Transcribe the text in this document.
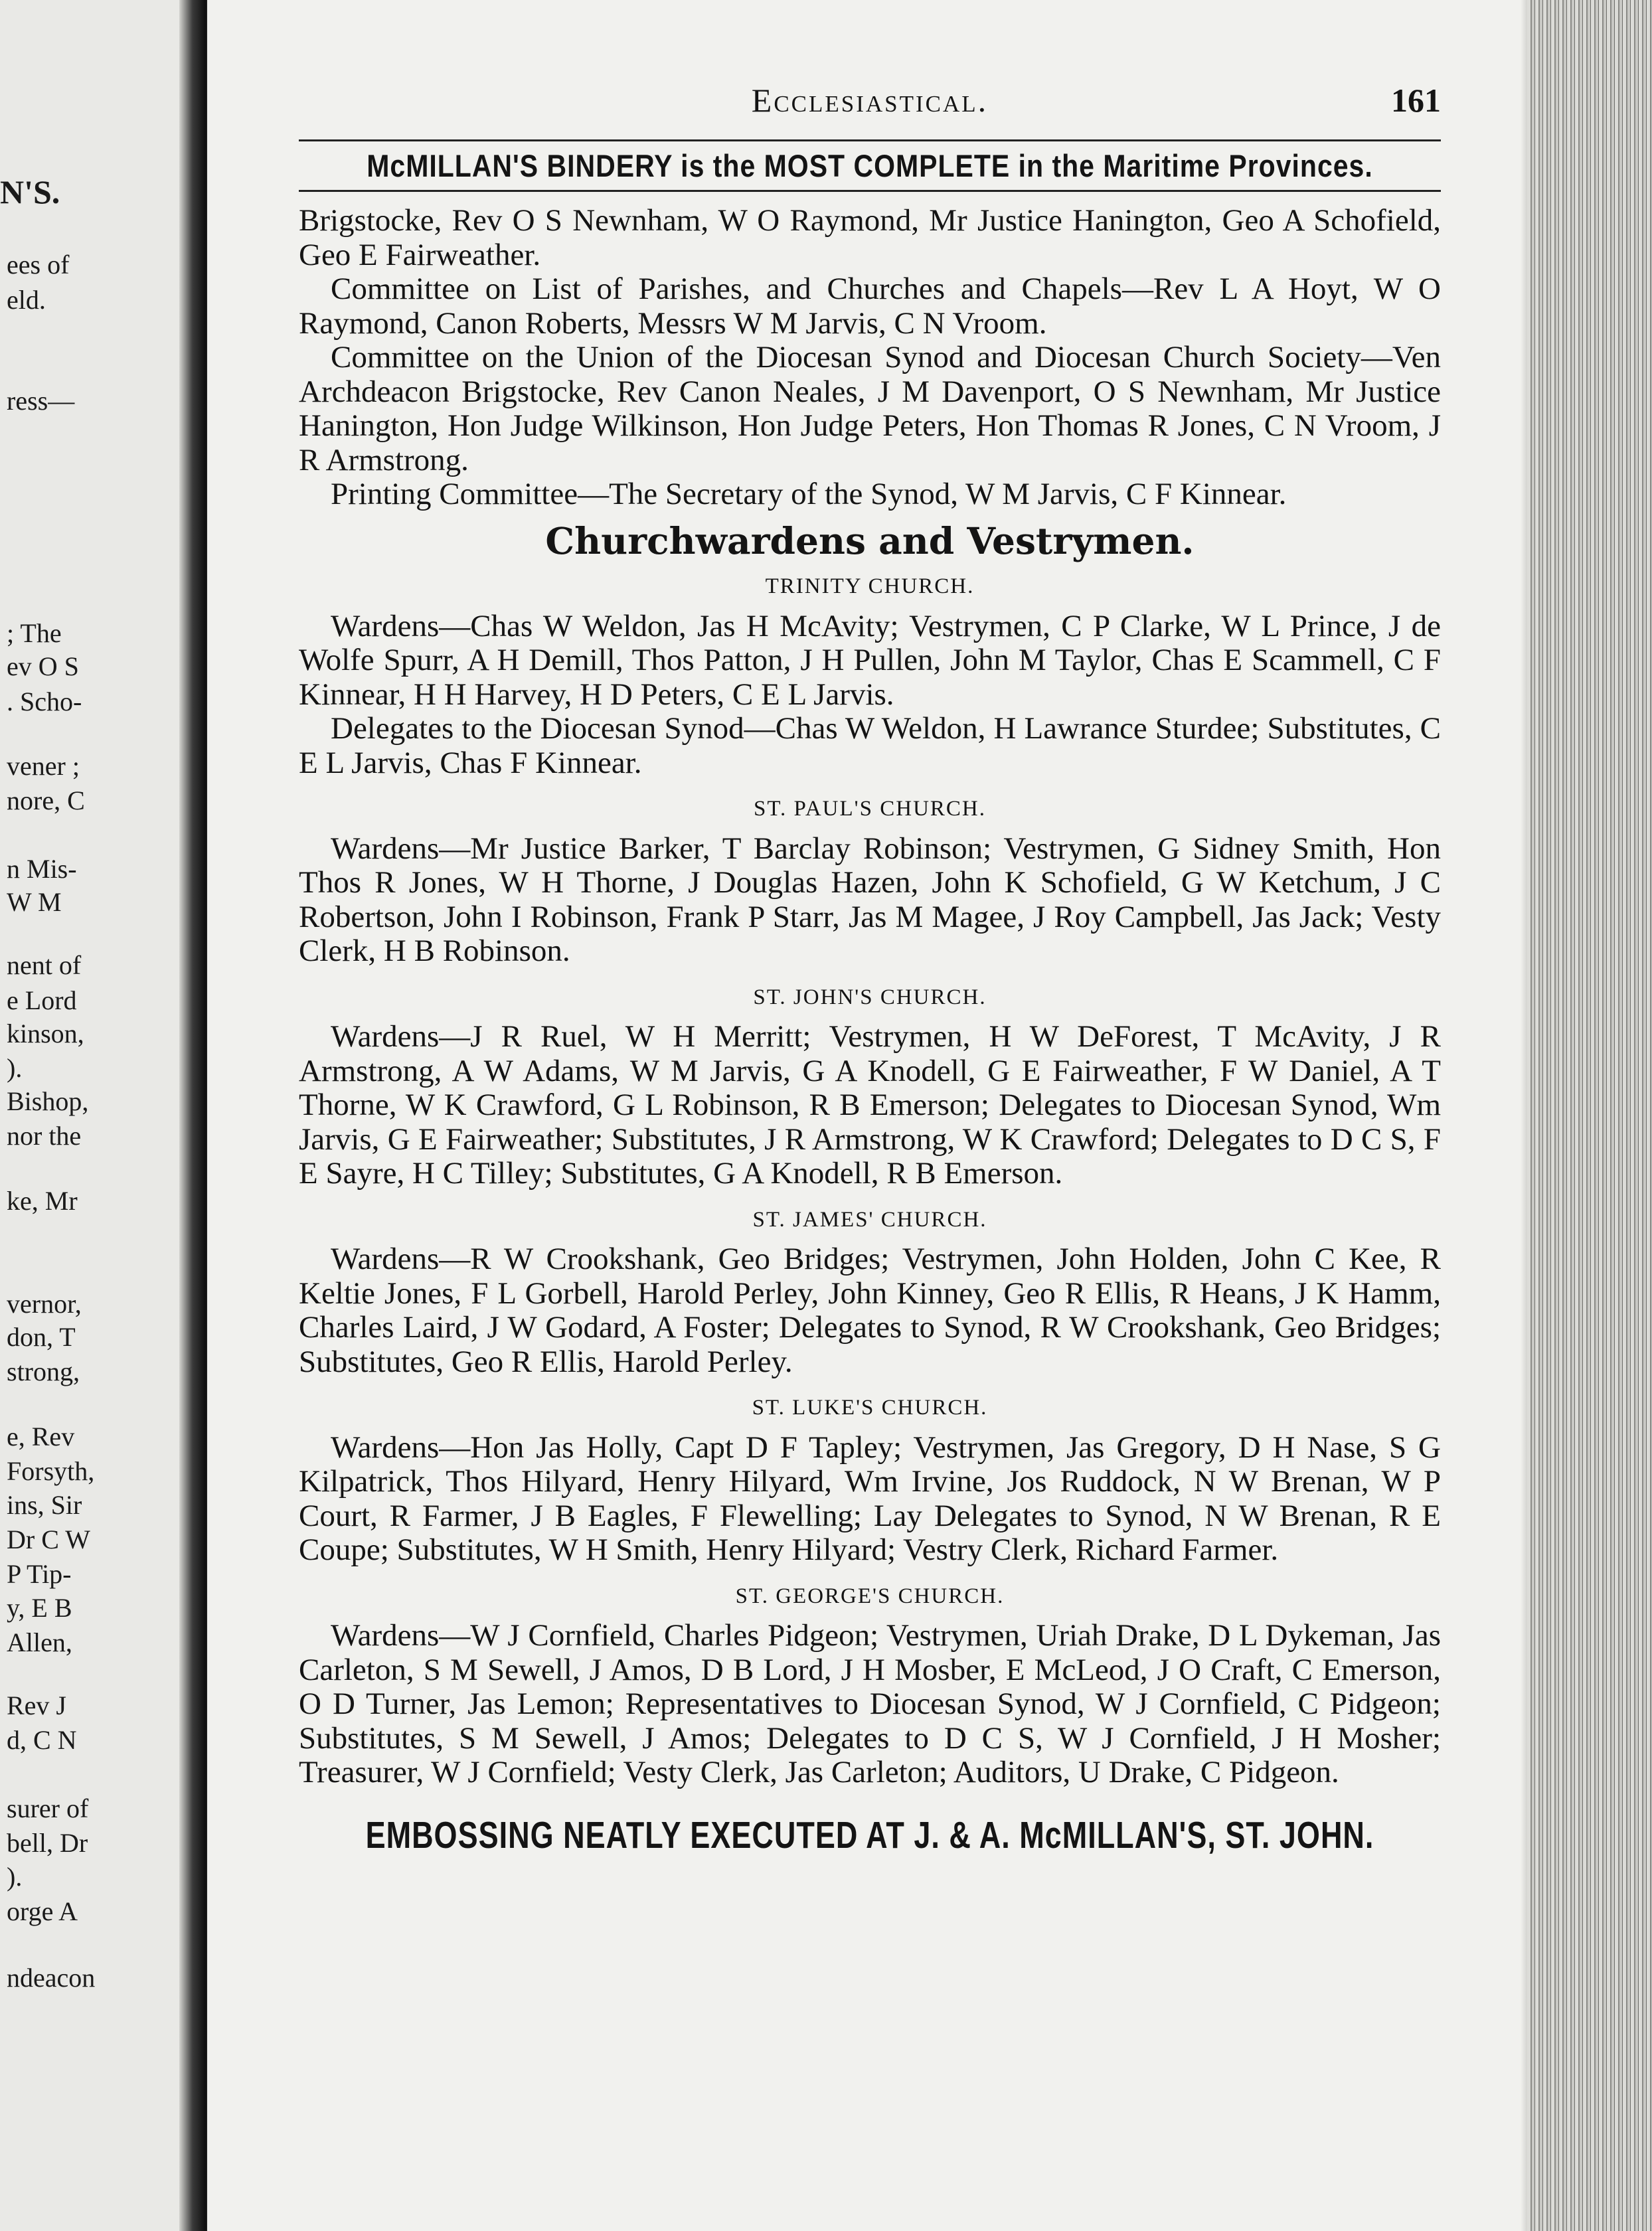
N'S.
ees of
eld.
ress—
; The
ev O S
. Scho-
vener ;
nore, C
n Mis-
W M
nent of
e Lord
kinson,
).
Bishop,
nor the
ke, Mr
vernor,
don, T
strong,
e, Rev
Forsyth,
ins, Sir
Dr C W
P Tip-
y, E B
Allen,
Rev J
d, C N
surer of
bell, Dr
).
orge A
ndeacon
Ecclesiastical.	161
McMILLAN'S BINDERY is the MOST COMPLETE in the Maritime Provinces.

Brigstocke, Rev O S Newnham, W O Raymond, Mr Justice Hanington, Geo A Schofield, Geo E Fairweather.

Committee on List of Parishes, and Churches and Chapels—Rev L A Hoyt, W O Raymond, Canon Roberts, Messrs W M Jarvis, C N Vroom.

Committee on the Union of the Diocesan Synod and Diocesan Church Society—Ven Archdeacon Brigstocke, Rev Canon Neales, J M Davenport, O S Newnham, Mr Justice Hanington, Hon Judge Wilkinson, Hon Judge Peters, Hon Thomas R Jones, C N Vroom, J R Armstrong.

Printing Committee—The Secretary of the Synod, W M Jarvis, C F Kinnear.

Churchwardens and Vestrymen.
TRINITY CHURCH.

Wardens—Chas W Weldon, Jas H McAvity; Vestrymen, C P Clarke, W L Prince, J de Wolfe Spurr, A H Demill, Thos Patton, J H Pullen, John M Taylor, Chas E Scammell, C F Kinnear, H H Harvey, H D Peters, C E L Jarvis.

Delegates to the Diocesan Synod—Chas W Weldon, H Lawrance Sturdee; Substitutes, C E L Jarvis, Chas F Kinnear.

ST. PAUL'S CHURCH.

Wardens—Mr Justice Barker, T Barclay Robinson; Vestrymen, G Sidney Smith, Hon Thos R Jones, W H Thorne, J Douglas Hazen, John K Schofield, G W Ketchum, J C Robertson, John I Robinson, Frank P Starr, Jas M Magee, J Roy Campbell, Jas Jack; Vesty Clerk, H B Robinson.

ST. JOHN'S CHURCH.

Wardens—J R Ruel, W H Merritt; Vestrymen, H W DeForest, T McAvity, J R Armstrong, A W Adams, W M Jarvis, G A Knodell, G E Fairweather, F W Daniel, A T Thorne, W K Crawford, G L Robinson, R B Emerson; Delegates to Diocesan Synod, Wm Jarvis, G E Fairweather; Substitutes, J R Armstrong, W K Crawford; Delegates to D C S, F E Sayre, H C Tilley; Substitutes, G A Knodell, R B Emerson.

ST. JAMES' CHURCH.

Wardens—R W Crookshank, Geo Bridges; Vestrymen, John Holden, John C Kee, R Keltie Jones, F L Gorbell, Harold Perley, John Kinney, Geo R Ellis, R Heans, J K Hamm, Charles Laird, J W Godard, A Foster; Delegates to Synod, R W Crookshank, Geo Bridges; Substitutes, Geo R Ellis, Harold Perley.

ST. LUKE'S CHURCH.

Wardens—Hon Jas Holly, Capt D F Tapley; Vestrymen, Jas Gregory, D H Nase, S G Kilpatrick, Thos Hilyard, Henry Hilyard, Wm Irvine, Jos Ruddock, N W Brenan, W P Court, R Farmer, J B Eagles, F Flewelling; Lay Delegates to Synod, N W Brenan, R E Coupe; Substitutes, W H Smith, Henry Hilyard; Vestry Clerk, Richard Farmer.

ST. GEORGE'S CHURCH.

Wardens—W J Cornfield, Charles Pidgeon; Vestrymen, Uriah Drake, D L Dykeman, Jas Carleton, S M Sewell, J Amos, D B Lord, J H Mosber, E McLeod, J O Craft, C Emerson, O D Turner, Jas Lemon; Representatives to Diocesan Synod, W J Cornfield, C Pidgeon; Substitutes, S M Sewell, J Amos; Delegates to D C S, W J Cornfield, J H Mosher; Treasurer, W J Cornfield; Vesty Clerk, Jas Carleton; Auditors, U Drake, C Pidgeon.

EMBOSSING NEATLY EXECUTED AT J. & A. McMILLAN'S, ST. JOHN.
